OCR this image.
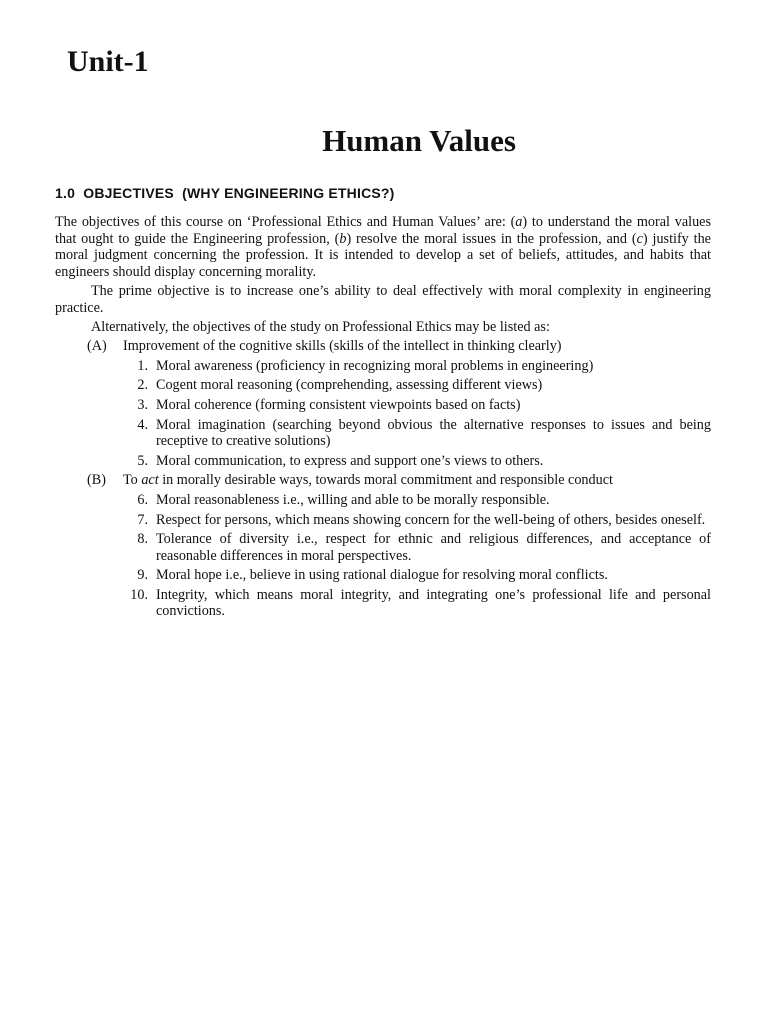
Unit-1
Human Values
1.0  OBJECTIVES  (WHY ENGINEERING ETHICS?)

The objectives of this course on ‘Professional Ethics and Human Values’ are: (a) to understand the moral values that ought to guide the Engineering profession, (b) resolve the moral issues in the profession, and (c) justify the moral judgment concerning the profession. It is intended to develop a set of beliefs, attitudes, and habits that engineers should display concerning morality.

The prime objective is to increase one’s ability to deal effectively with moral complexity in engineering practice.

Alternatively, the objectives of the study on Professional Ethics may be listed as:

(A)	Improvement of the cognitive skills (skills of the intellect in thinking clearly)
1. Moral awareness (proficiency in recognizing moral problems in engineering)
2. Cogent moral reasoning (comprehending, assessing different views)
3. Moral coherence (forming consistent viewpoints based on facts)
4. Moral imagination (searching beyond obvious the alternative responses to issues and being receptive to creative solutions)
5. Moral communication, to express and support one’s views to others.
(B)	To act in morally desirable ways, towards moral commitment and responsible conduct
6. Moral reasonableness i.e., willing and able to be morally responsible.
7. Respect for persons, which means showing concern for the well-being of others, besides oneself.
8. Tolerance of diversity i.e., respect for ethnic and religious differences, and acceptance of reasonable differences in moral perspectives.
9. Moral hope i.e., believe in using rational dialogue for resolving moral conflicts.
10. Integrity, which means moral integrity, and integrating one’s professional life and personal convictions.
